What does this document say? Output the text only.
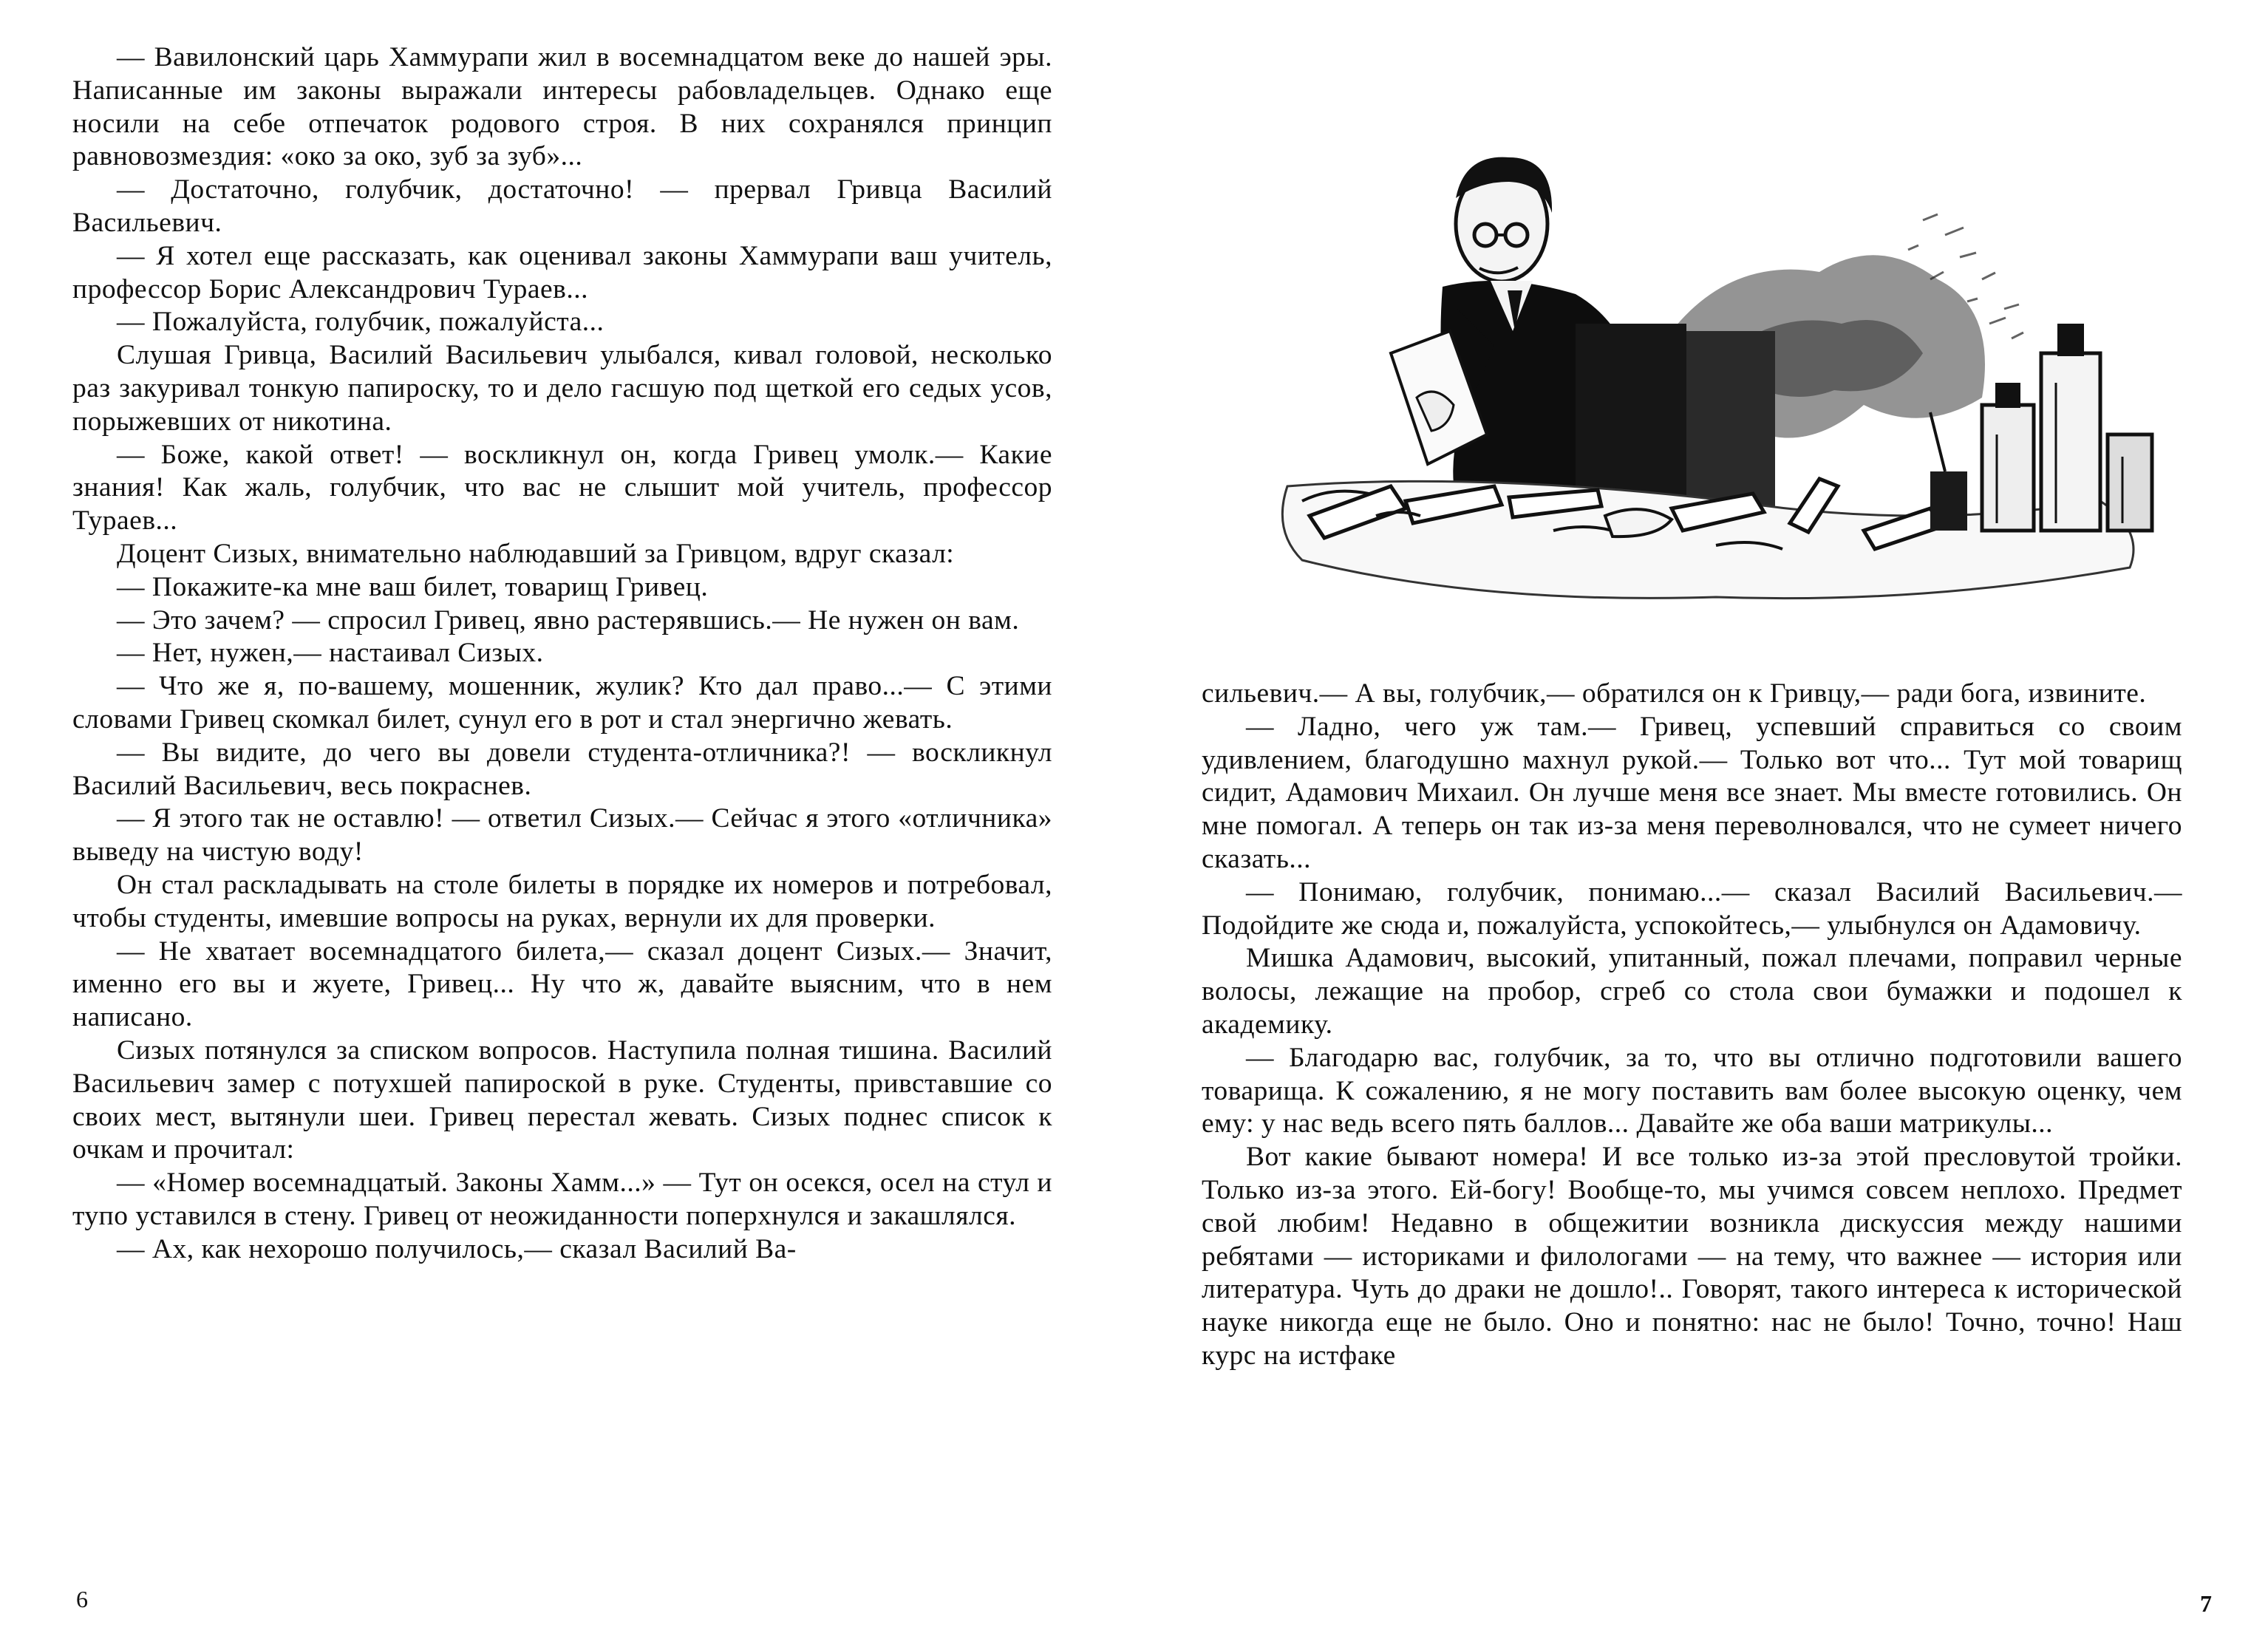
— Вавилонский царь Хаммурапи жил в восемнадцатом веке до нашей эры. Написанные им законы выражали интересы рабовладельцев. Однако еще носили на себе отпечаток родового строя. В них сохранялся принцип равновозмездия: «око за око, зуб за зуб»...

— Достаточно, голубчик, достаточно! — прервал Гривца Василий Васильевич.

— Я хотел еще рассказать, как оценивал законы Хаммурапи ваш учитель, профессор Борис Александрович Тураев...

— Пожалуйста, голубчик, пожалуйста...

Слушая Гривца, Василий Васильевич улыбался, кивал головой, несколько раз закуривал тонкую папироску, то и дело гасшую под щеткой его седых усов, порыжевших от никотина.

— Боже, какой ответ! — воскликнул он, когда Гривец умолк.— Какие знания! Как жаль, голубчик, что вас не слышит мой учитель, профессор Тураев...

Доцент Сизых, внимательно наблюдавший за Гривцом, вдруг сказал:

— Покажите-ка мне ваш билет, товарищ Гривец.

— Это зачем? — спросил Гривец, явно растерявшись.— Не нужен он вам.

— Нет, нужен,— настаивал Сизых.

— Что же я, по-вашему, мошенник, жулик? Кто дал право...— С этими словами Гривец скомкал билет, сунул его в рот и стал энергично жевать.

— Вы видите, до чего вы довели студента-отличника?! — воскликнул Василий Васильевич, весь покраснев.

— Я этого так не оставлю! — ответил Сизых.— Сейчас я этого «отличника» выведу на чистую воду!

Он стал раскладывать на столе билеты в порядке их номеров и потребовал, чтобы студенты, имевшие вопросы на руках, вернули их для проверки.

— Не хватает восемнадцатого билета,— сказал доцент Сизых.— Значит, именно его вы и жуете, Гривец... Ну что ж, давайте выясним, что в нем написано.

Сизых потянулся за списком вопросов. Наступила полная тишина. Василий Васильевич замер с потухшей папироской в руке. Студенты, привставшие со своих мест, вытянули шеи. Гривец перестал жевать. Сизых поднес список к очкам и прочитал:

— «Номер восемнадцатый. Законы Хамм...» — Тут он осекся, осел на стул и тупо уставился в стену. Гривец от неожиданности поперхнулся и закашлялся.

— Ах, как нехорошо получилось,— сказал Василий Ва-

6

сильевич.— А вы, голубчик,— обратился он к Гривцу,— ради бога, извините.

— Ладно, чего уж там.— Гривец, успевший справиться со своим удивлением, благодушно махнул рукой.— Только вот что... Тут мой товарищ сидит, Адамович Михаил. Он лучше меня все знает. Мы вместе готовились. Он мне помогал. А теперь он так из-за меня переволновался, что не сумеет ничего сказать...

— Понимаю, голубчик, понимаю...— сказал Василий Васильевич.— Подойдите же сюда и, пожалуйста, успокойтесь,— улыбнулся он Адамовичу.

Мишка Адамович, высокий, упитанный, пожал плечами, поправил черные волосы, лежащие на пробор, сгреб со стола свои бумажки и подошел к академику.

— Благодарю вас, голубчик, за то, что вы отлично подготовили вашего товарища. К сожалению, я не могу поставить вам более высокую оценку, чем ему: у нас ведь всего пять баллов... Давайте же оба ваши матрикулы...

Вот какие бывают номера! И все только из-за этой пресловутой тройки. Только из-за этого. Ей-богу! Вообще-то, мы учимся совсем неплохо. Предмет свой любим! Недавно в общежитии возникла дискуссия между нашими ребятами — историками и филологами — на тему, что важнее — история или литература. Чуть до драки не дошло!.. Говорят, такого интереса к исторической науке никогда еще не было. Оно и понятно: нас не было! Точно, точно! Наш курс на истфаке

7
